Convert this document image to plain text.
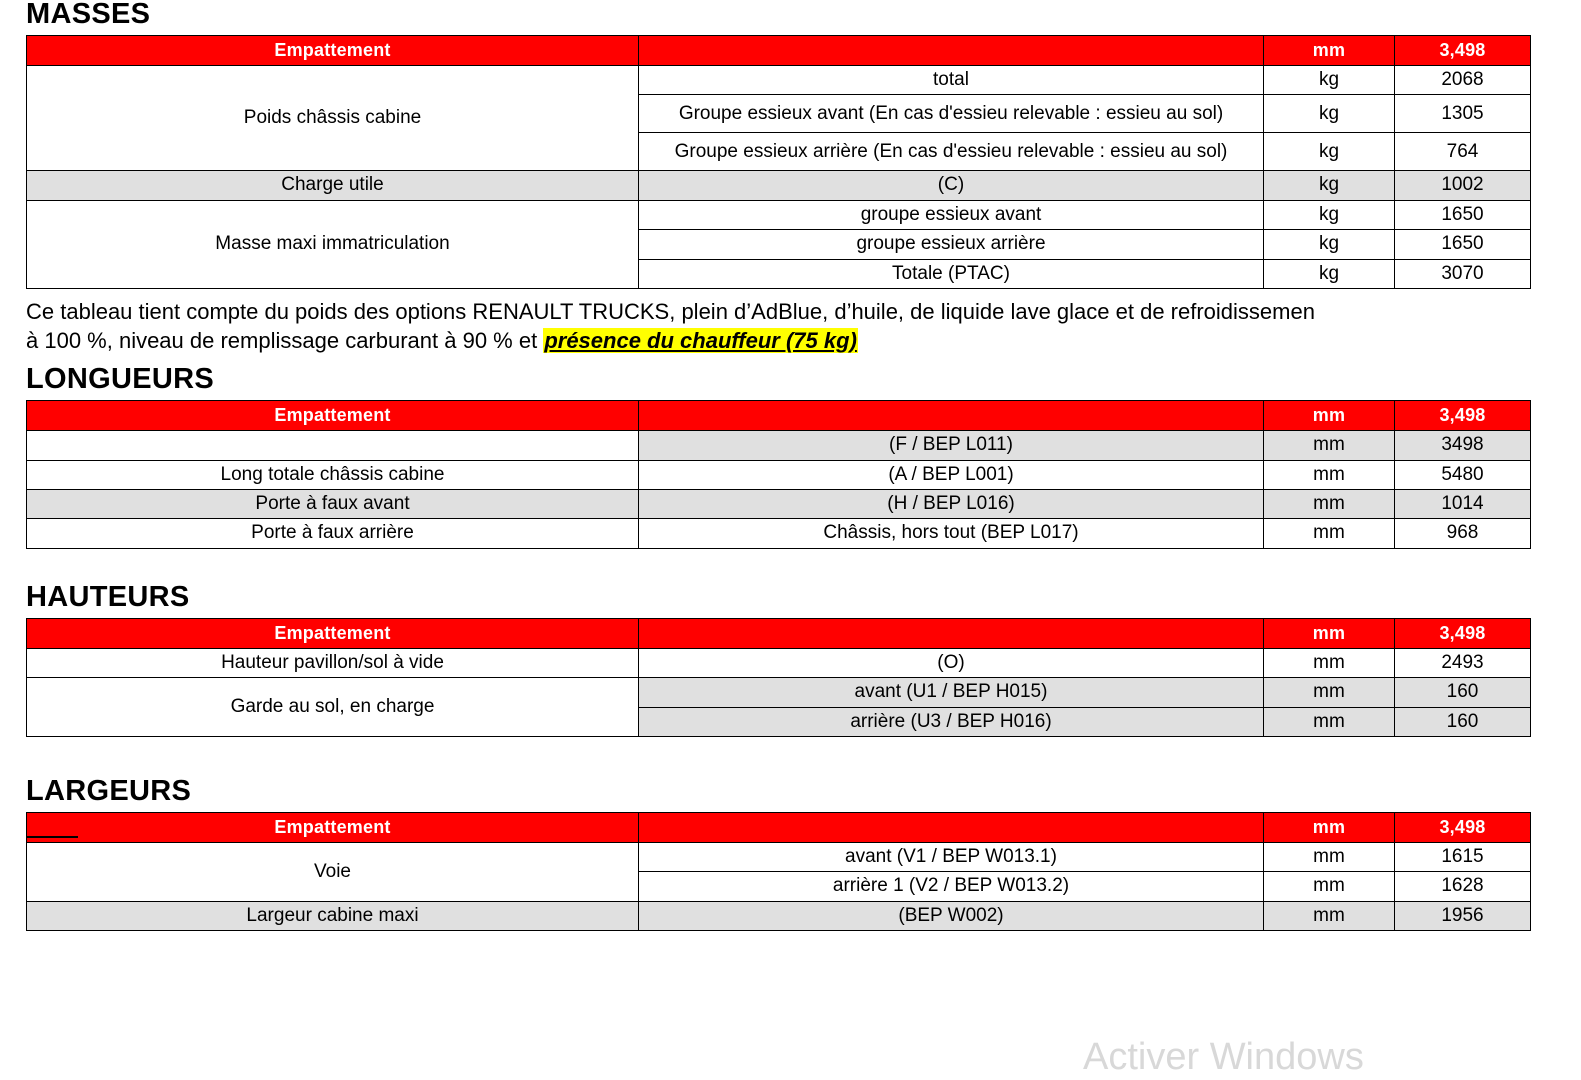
MASSES
Empattement		mm	3,498
Poids châssis cabine	total	kg	2068
	Groupe essieux avant (En cas d'essieu relevable : essieu au sol)	kg	1305
	Groupe essieux arrière (En cas d'essieu relevable : essieu au sol)	kg	764
Charge utile	(C)	kg	1002
Masse maxi immatriculation	groupe essieux avant	kg	1650
	groupe essieux arrière	kg	1650
	Totale (PTAC)	kg	3070
Ce tableau tient compte du poids des options RENAULT TRUCKS, plein d’AdBlue, d’huile, de liquide lave glace et de refroidissemen
à 100 %, niveau de remplissage carburant à 90 % et présence du chauffeur (75 kg)
LONGUEURS
Empattement		mm	3,498
	(F / BEP L011)	mm	3498
Long totale châssis cabine	(A / BEP L001)	mm	5480
Porte à faux avant	(H / BEP L016)	mm	1014
Porte à faux arrière	Châssis, hors tout (BEP L017)	mm	968
HAUTEURS
Empattement		mm	3,498
Hauteur pavillon/sol à vide	(O)	mm	2493
Garde au sol, en charge	avant (U1 / BEP H015)	mm	160
	arrière (U3 / BEP H016)	mm	160
LARGEURS
Empattement		mm	3,498
Voie	avant (V1 / BEP W013.1)	mm	1615
	arrière 1 (V2 / BEP W013.2)	mm	1628
Largeur cabine maxi	(BEP W002)	mm	1956
Activer Windows
